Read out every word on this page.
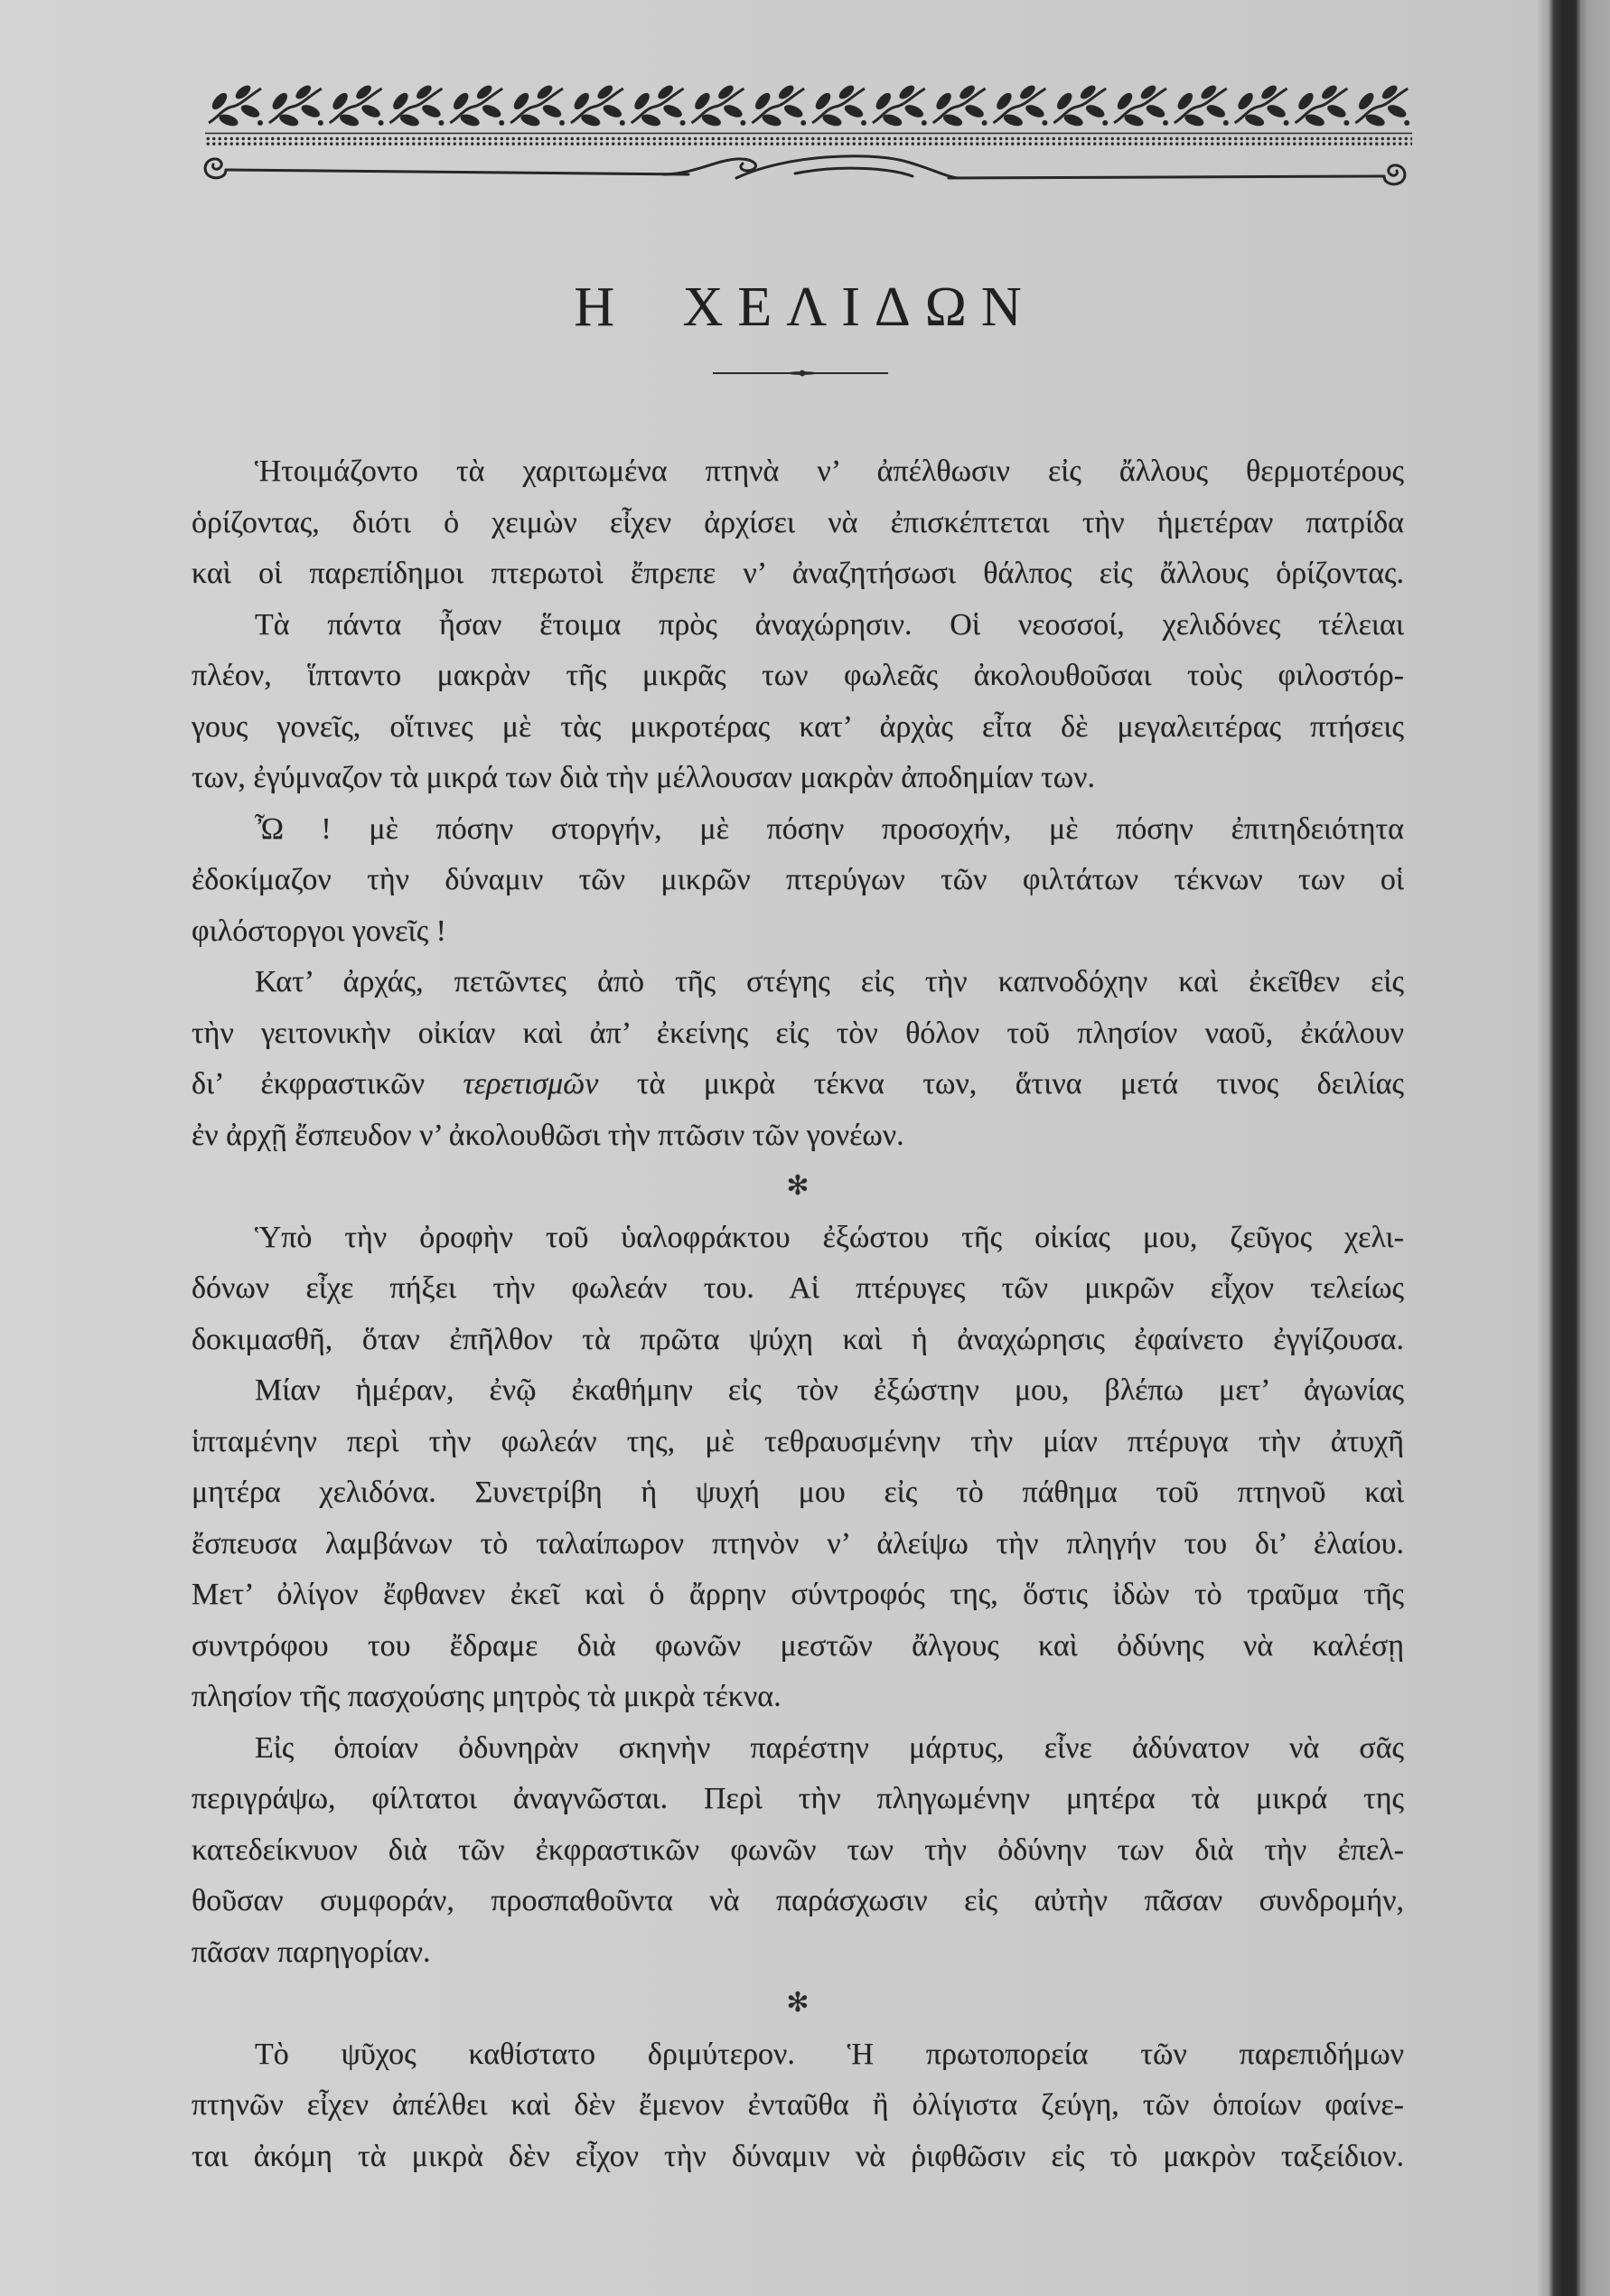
Η ΧΕΛΙΔΩΝ
Ἡτοιμάζοντο τὰ χαριτωμένα πτηνὰ ν’ ἀπέλθωσιν εἰς ἄλλους θερμοτέρους
ὁρίζοντας, διότι ὁ χειμὼν εἶχεν ἀρχίσει νὰ ἐπισκέπτεται τὴν ἡμετέραν πατρίδα
καὶ οἱ παρεπίδημοι πτερωτοὶ ἔπρεπε ν’ ἀναζητήσωσι θάλπος εἰς ἄλλους ὁρίζοντας.
Τὰ πάντα ἦσαν ἕτοιμα πρὸς ἀναχώρησιν. Οἱ νεοσσοί, χελιδόνες τέλειαι
πλέον, ἵπταντο μακρὰν τῆς μικρᾶς των φωλεᾶς ἀκολουθοῦσαι τοὺς φιλοστόρ-
γους γονεῖς, οἵτινες μὲ τὰς μικροτέρας κατ’ ἀρχὰς εἶτα δὲ μεγαλειτέρας πτήσεις
των, ἐγύμναζον τὰ μικρά των διὰ τὴν μέλλουσαν μακρὰν ἀποδημίαν των.
Ὦ ! μὲ πόσην στοργήν, μὲ πόσην προσοχήν, μὲ πόσην ἐπιτηδειότητα
ἐδοκίμαζον τὴν δύναμιν τῶν μικρῶν πτερύγων τῶν φιλτάτων τέκνων των οἱ
φιλόστοργοι γονεῖς !
Κατ’ ἀρχάς, πετῶντες ἀπὸ τῆς στέγης εἰς τὴν καπνοδόχην καὶ ἐκεῖθεν εἰς
τὴν γειτονικὴν οἰκίαν καὶ ἀπ’ ἐκείνης εἰς τὸν θόλον τοῦ πλησίον ναοῦ, ἐκάλουν
δι’ ἐκφραστικῶν τερετισμῶν τὰ μικρὰ τέκνα των, ἅτινα μετά τινος δειλίας
ἐν ἀρχῇ ἔσπευδον ν’ ἀκολουθῶσι τὴν πτῶσιν τῶν γονέων.
✻
Ὑπὸ τὴν ὀροφὴν τοῦ ὑαλοφράκτου ἐξώστου τῆς οἰκίας μου, ζεῦγος χελι-
δόνων εἶχε πήξει τὴν φωλεάν του. Αἱ πτέρυγες τῶν μικρῶν εἶχον τελείως
δοκιμασθῆ, ὅταν ἐπῆλθον τὰ πρῶτα ψύχη καὶ ἡ ἀναχώρησις ἐφαίνετο ἐγγίζουσα.
Μίαν ἡμέραν, ἐνῷ ἐκαθήμην εἰς τὸν ἐξώστην μου, βλέπω μετ’ ἀγωνίας
ἱπταμένην περὶ τὴν φωλεάν της, μὲ τεθραυσμένην τὴν μίαν πτέρυγα τὴν ἀτυχῆ
μητέρα χελιδόνα. Συνετρίβη ἡ ψυχή μου εἰς τὸ πάθημα τοῦ πτηνοῦ καὶ
ἔσπευσα λαμβάνων τὸ ταλαίπωρον πτηνὸν ν’ ἀλείψω τὴν πληγήν του δι’ ἐλαίου.
Μετ’ ὀλίγον ἔφθανεν ἐκεῖ καὶ ὁ ἄρρην σύντροφός της, ὅστις ἰδὼν τὸ τραῦμα τῆς
συντρόφου του ἔδραμε διὰ φωνῶν μεστῶν ἄλγους καὶ ὀδύνης νὰ καλέσῃ
πλησίον τῆς πασχούσης μητρὸς τὰ μικρὰ τέκνα.
Εἰς ὁποίαν ὀδυνηρὰν σκηνὴν παρέστην μάρτυς, εἶνε ἀδύνατον νὰ σᾶς
περιγράψω, φίλτατοι ἀναγνῶσται. Περὶ τὴν πληγωμένην μητέρα τὰ μικρά της
κατεδείκνυον διὰ τῶν ἐκφραστικῶν φωνῶν των τὴν ὀδύνην των διὰ τὴν ἐπελ-
θοῦσαν συμφοράν, προσπαθοῦντα νὰ παράσχωσιν εἰς αὐτὴν πᾶσαν συνδρομήν,
πᾶσαν παρηγορίαν.
✻
Τὸ ψῦχος καθίστατο δριμύτερον. Ἡ πρωτοπορεία τῶν παρεπιδήμων
πτηνῶν εἶχεν ἀπέλθει καὶ δὲν ἔμενον ἐνταῦθα ἢ ὀλίγιστα ζεύγη, τῶν ὁποίων φαίνε-
ται ἀκόμη τὰ μικρὰ δὲν εἶχον τὴν δύναμιν νὰ ῥιφθῶσιν εἰς τὸ μακρὸν ταξείδιον.
